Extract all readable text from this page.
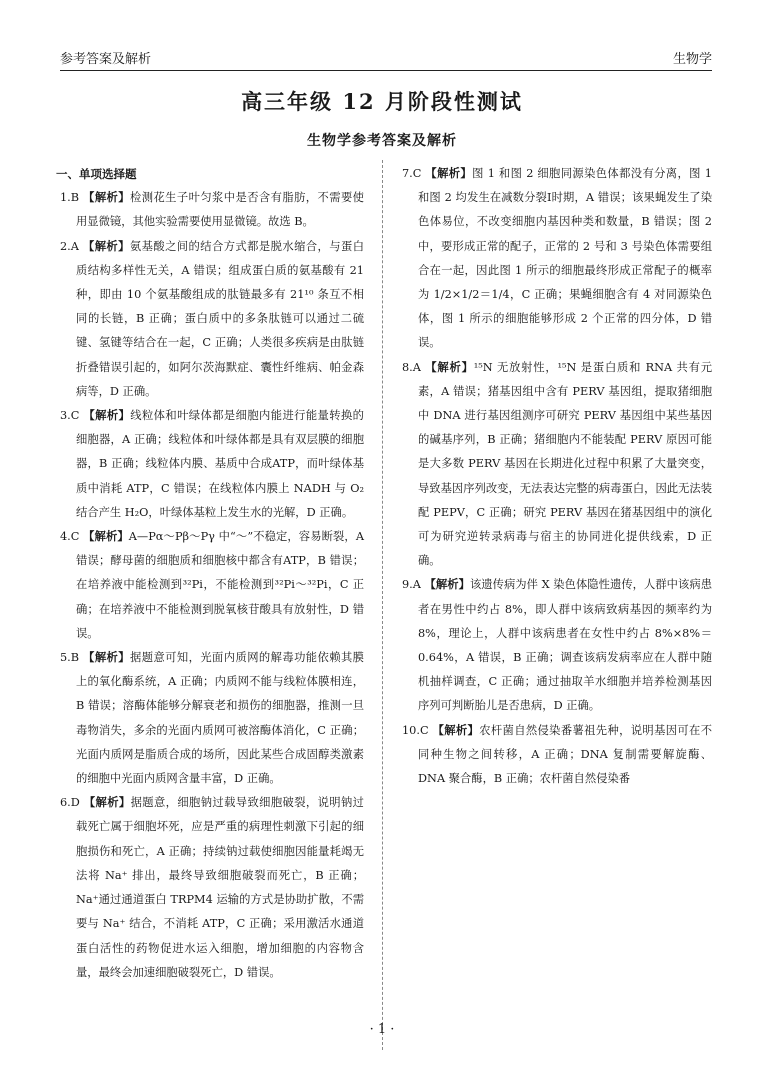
参考答案及解析	生物学
高三年级 12 月阶段性测试
生物学参考答案及解析
一、单项选择题
1.B 【解析】检测花生子叶匀浆中是否含有脂肪，不需要使用显微镜，其他实验需要使用显微镜。故选 B。
2.A 【解析】氨基酸之间的结合方式都是脱水缩合，与蛋白质结构多样性无关，A 错误；组成蛋白质的氨基酸有 21 种，即由 10 个氨基酸组成的肽链最多有 21¹⁰ 条互不相同的长链，B 正确；蛋白质中的多条肽链可以通过二硫键、氢键等结合在一起，C 正确；人类很多疾病是由肽链折叠错误引起的，如阿尔茨海默症、囊性纤维病、帕金森病等，D 正确。
3.C 【解析】线粒体和叶绿体都是细胞内能进行能量转换的细胞器，A 正确；线粒体和叶绿体都是具有双层膜的细胞器，B 正确；线粒体内膜、基质中合成ATP，而叶绿体基质中消耗 ATP，C 错误；在线粒体内膜上 NADH 与 O₂ 结合产生 H₂O，叶绿体基粒上发生水的光解，D 正确。
4.C 【解析】A—Pα～Pβ～Pγ 中“～”不稳定，容易断裂，A 错误；酵母菌的细胞质和细胞核中都含有ATP，B 错误；在培养液中能检测到³²Pi，不能检测到³²Pi～³²Pi，C 正确；在培养液中不能检测到脱氧核苷酸具有放射性，D 错误。
5.B 【解析】据题意可知，光面内质网的解毒功能依赖其膜上的氧化酶系统，A 正确；内质网不能与线粒体膜相连，B 错误；溶酶体能够分解衰老和损伤的细胞器，推测一旦毒物消失，多余的光面内质网可被溶酶体消化，C 正确；光面内质网是脂质合成的场所，因此某些合成固醇类激素的细胞中光面内质网含量丰富，D 正确。
6.D 【解析】据题意，细胞钠过载导致细胞破裂，说明钠过载死亡属于细胞坏死，应是严重的病理性刺激下引起的细胞损伤和死亡，A 正确；持续钠过载使细胞因能量耗竭无法将 Na⁺ 排出，最终导致细胞破裂而死亡，B 正确；Na⁺通过通道蛋白 TRPM4 运输的方式是协助扩散，不需要与 Na⁺ 结合，不消耗 ATP，C 正确；采用激活水通道蛋白活性的药物促进水运入细胞，增加细胞的内容物含量，最终会加速细胞破裂死亡，D 错误。
7.C 【解析】图 1 和图 2 细胞同源染色体都没有分离，图 1 和图 2 均发生在减数分裂Ⅰ时期，A 错误；该果蝇发生了染色体易位，不改变细胞内基因种类和数量，B 错误；图 2 中，要形成正常的配子，正常的 2 号和 3 号染色体需要组合在一起，因此图 1 所示的细胞最终形成正常配子的概率为 1/2×1/2＝1/4，C 正确；果蝇细胞含有 4 对同源染色体，图 1 所示的细胞能够形成 2 个正常的四分体，D 错误。
8.A 【解析】¹⁵N 无放射性，¹⁵N 是蛋白质和 RNA 共有元素，A 错误；猪基因组中含有 PERV 基因组，提取猪细胞中 DNA 进行基因组测序可研究 PERV 基因组中某些基因的碱基序列，B 正确；猪细胞内不能装配 PERV 原因可能是大多数 PERV 基因在长期进化过程中积累了大量突变，导致基因序列改变，无法表达完整的病毒蛋白，因此无法装配 PEPV，C 正确；研究 PERV 基因在猪基因组中的演化可为研究逆转录病毒与宿主的协同进化提供线索，D 正确。
9.A 【解析】该遗传病为伴 X 染色体隐性遗传，人群中该病患者在男性中约占 8%，即人群中该病致病基因的频率约为 8%，理论上，人群中该病患者在女性中约占 8%×8%＝0.64%，A 错误，B 正确；调查该病发病率应在人群中随机抽样调查，C 正确；通过抽取羊水细胞并培养检测基因序列可判断胎儿是否患病，D 正确。
10.C 【解析】农杆菌自然侵染番薯祖先种，说明基因可在不同种生物之间转移，A 正确；DNA 复制需要解旋酶、DNA 聚合酶，B 正确；农杆菌自然侵染番
· 1 ·
